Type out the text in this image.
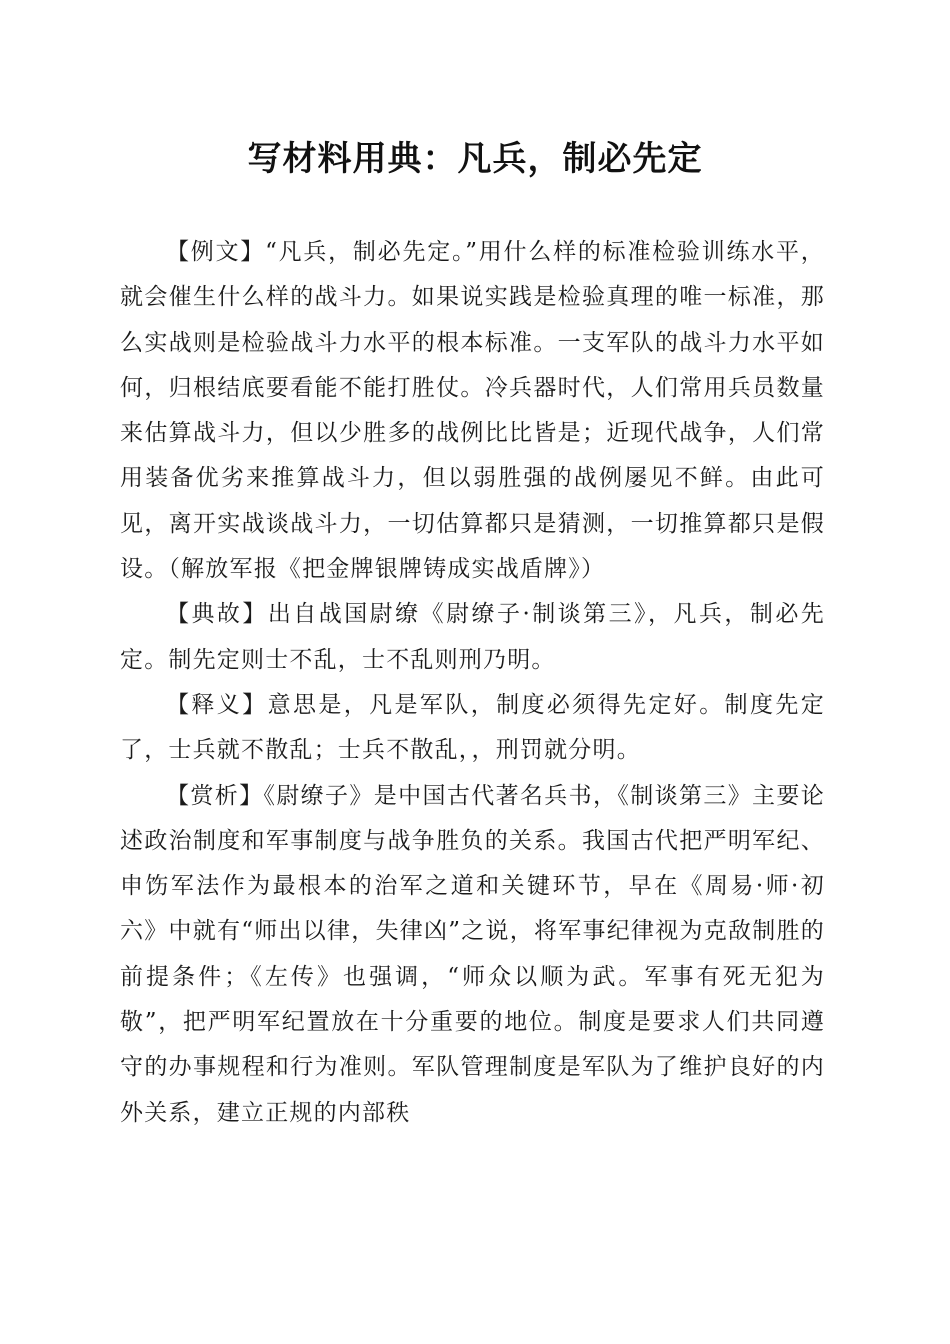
写材料用典：凡兵，制必先定

【例文】“凡兵，制必先定。”用什么样的标准检验训练水平，就会催生什么样的战斗力。如果说实践是检验真理的唯一标准，那么实战则是检验战斗力水平的根本标准。一支军队的战斗力水平如何，归根结底要看能不能打胜仗。冷兵器时代，人们常用兵员数量来估算战斗力，但以少胜多的战例比比皆是；近现代战争，人们常用装备优劣来推算战斗力，但以弱胜强的战例屡见不鲜。由此可见，离开实战谈战斗力，一切估算都只是猜测，一切推算都只是假设。（解放军报《把金牌银牌铸成实战盾牌》）

【典故】出自战国尉缭《尉缭子·制谈第三》，凡兵，制必先定。制先定则士不乱，士不乱则刑乃明。

【释义】意思是，凡是军队，制度必须得先定好。制度先定了，士兵就不散乱；士兵不散乱，，刑罚就分明。

【赏析】《尉缭子》是中国古代著名兵书，《制谈第三》主要论述政治制度和军事制度与战争胜负的关系。我国古代把严明军纪、申饬军法作为最根本的治军之道和关键环节，早在《周易·师·初六》中就有“师出以律，失律凶”之说，将军事纪律视为克敌制胜的前提条件；《左传》也强调，“师众以顺为武。军事有死无犯为敬”，把严明军纪置放在十分重要的地位。制度是要求人们共同遵守的办事规程和行为准则。军队管理制度是军队为了维护良好的内外关系，建立正规的内部秩
